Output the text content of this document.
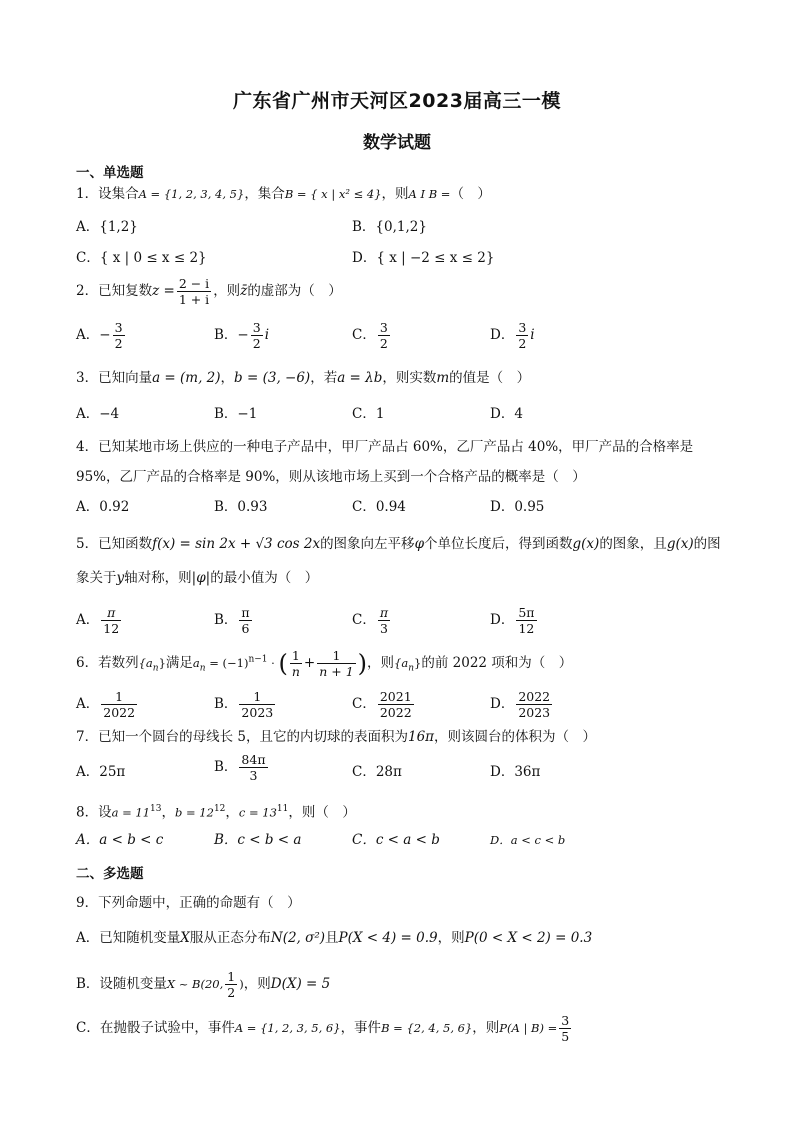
广东省广州市天河区2023届高三一模
数学试题
一、单选题
1．设集合A = {1, 2, 3, 4, 5}，集合B = { x | x² ≤ 4}，则A I B =（　）
A．{1,2}	B．{0,1,2}
C．{ x | 0 ≤ x ≤ 2}	D．{ x | −2 ≤ x ≤ 2}
2．已知复数$z = \frac{2 - i}{1 + i}$ ，则z̄的虚部为（　）
A．− $\frac{3}{2}$	B．− $\frac{3}{2}$ i	C． $\frac{3}{2}$	D． $\frac{3}{2}$ i
3．已知向量a = (m, 2)，b = (3, −6)，若a = λb，则实数m的值是（　）
A．−4	B．−1	C．1	D．4
4．已知某地市场上供应的一种电子产品中，甲厂产品占 60%，乙厂产品占 40%，甲厂产品的合格率是
95%，乙厂产品的合格率是 90%，则从该地市场上买到一个合格产品的概率是（　）
A．0.92	B．0.93	C．0.94	D．0.95
5．已知函数f(x) = sin 2x + √3 cos 2x的图象向左平移φ个单位长度后，得到函数g(x)的图象，且g(x)的图
象关于y轴对称，则|φ|的最小值为（　）
A． $\frac{\pi}{12}$	B． $\frac{\pi}{6}$	C． $\frac{\pi}{3}$	D． $\frac{5\pi}{12}$
6．若数列$\{a_n\}$满足$a_n = (-1)^{n-1}$ · ( $\frac{1}{n} + \frac{1}{n + 1}$ )，则$\{a_n\}$的前 2022 项和为（　）
A． $\frac{1}{2022}$	B． $\frac{1}{2023}$	C． $\frac{2021}{2022}$	D． $\frac{2022}{2023}$
7．已知一个圆台的母线长 5，且它的内切球的表面积为16π，则该圆台的体积为（　）
A．25π	B． $\frac{84\pi}{3}$	C．28π	D．36π
8．设$a = 11^{13}$，$b = 12^{12}$，$c = 13^{11}$，则（　）
A．a < b < c	B．c < b < a	C．c < a < b	D．a < c < b
二、多选题
9．下列命题中，正确的命题有（　）
A．已知随机变量X服从正态分布N(2, σ²)且P(X < 4) = 0.9，则P(0 < X < 2) = 0.3
B．设随机变量X ~ B(20, $\frac{1}{2}$ )，则D(X) = 5
C．在抛骰子试验中，事件A = {1, 2, 3, 5, 6}，事件B = {2, 4, 5, 6}，则P(A | $B) = \frac{3}{5}$
